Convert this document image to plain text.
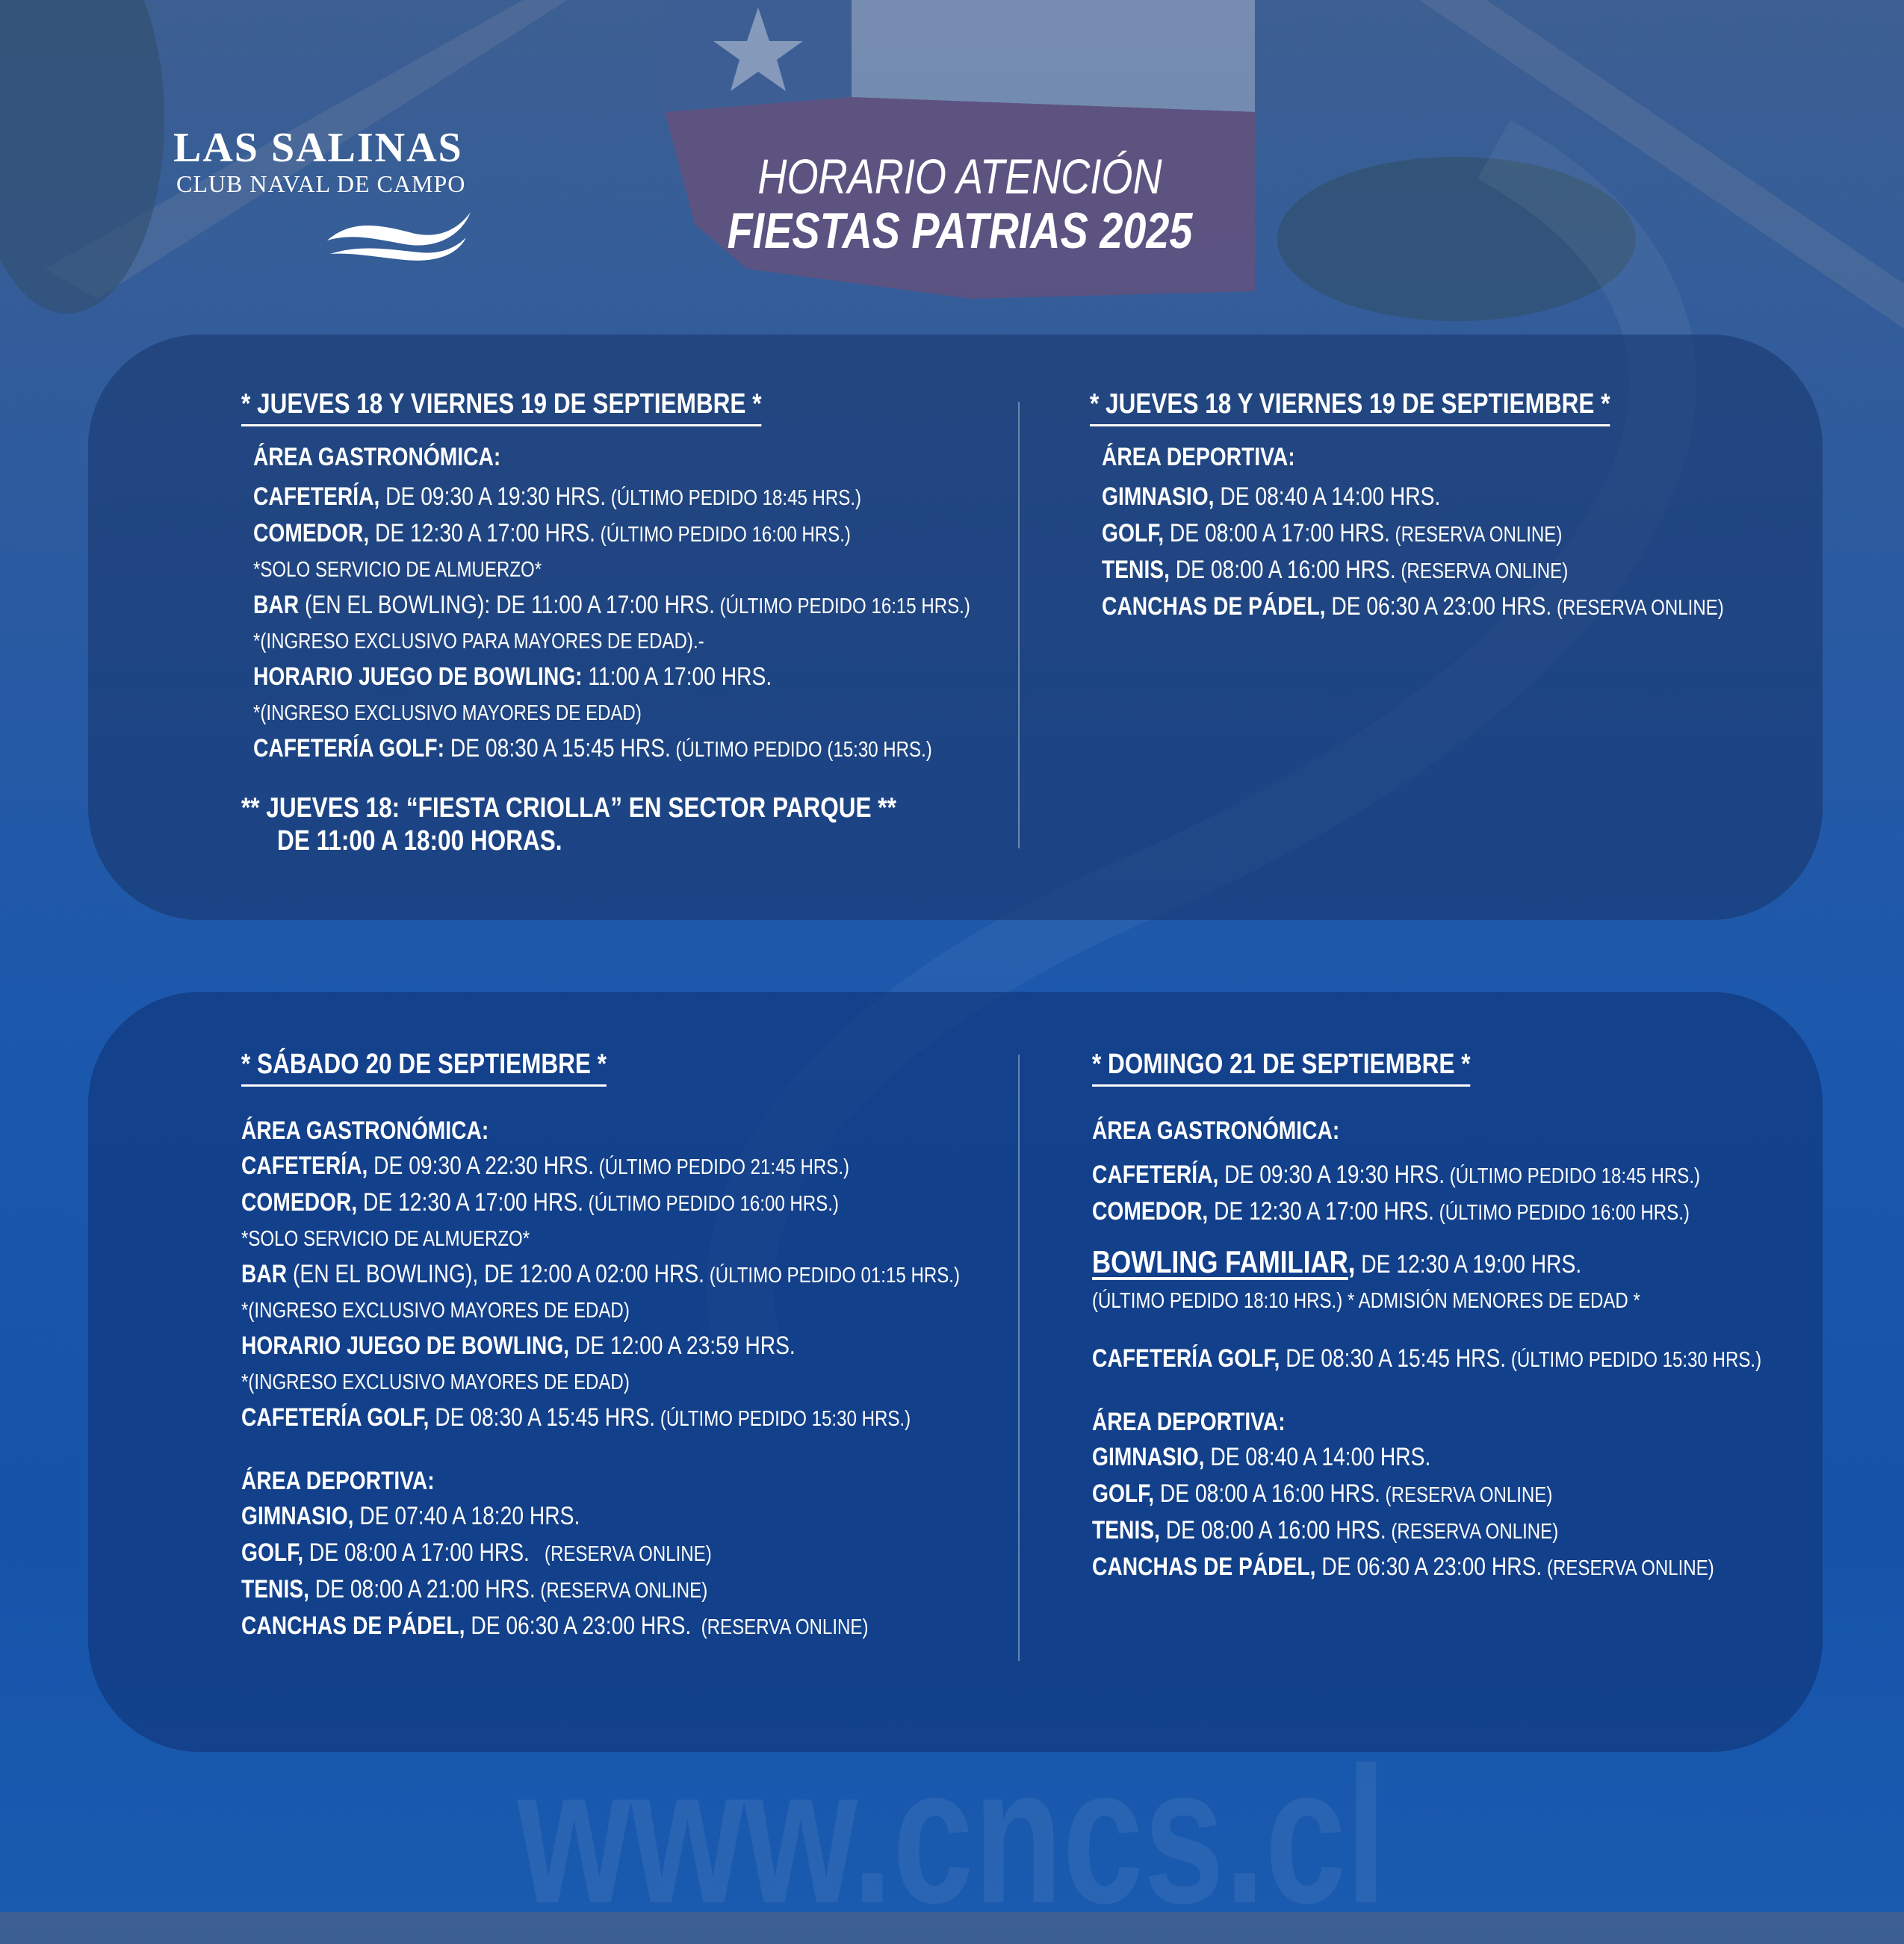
LAS SALINAS
CLUB NAVAL DE CAMPO	HORARIO ATENCIÓN
FIESTAS PATRIAS 2025
* JUEVES 18 Y VIERNES 19 DE SEPTIEMBRE *
ÁREA GASTRONÓMICA:
CAFETERÍA, DE 09:30 A 19:30 HRS. (ÚLTIMO PEDIDO 18:45 HRS.)
COMEDOR, DE 12:30 A 17:00 HRS. (ÚLTIMO PEDIDO 16:00 HRS.)
*SOLO SERVICIO DE ALMUERZO*
BAR (EN EL BOWLING): DE 11:00 A 17:00 HRS. (ÚLTIMO PEDIDO 16:15 HRS.)
*(INGRESO EXCLUSIVO PARA MAYORES DE EDAD).-
HORARIO JUEGO DE BOWLING: 11:00 A 17:00 HRS.
*(INGRESO EXCLUSIVO MAYORES DE EDAD)
CAFETERÍA GOLF: DE 08:30 A 15:45 HRS. (ÚLTIMO PEDIDO (15:30 HRS.)
** JUEVES 18: “FIESTA CRIOLLA” EN SECTOR PARQUE **
DE 11:00 A 18:00 HORAS.
* JUEVES 18 Y VIERNES 19 DE SEPTIEMBRE *
ÁREA DEPORTIVA:
GIMNASIO, DE 08:40 A 14:00 HRS.
GOLF, DE 08:00 A 17:00 HRS. (RESERVA ONLINE)
TENIS, DE 08:00 A 16:00 HRS. (RESERVA ONLINE)
CANCHAS DE PÁDEL, DE 06:30 A 23:00 HRS. (RESERVA ONLINE)
* SÁBADO 20 DE SEPTIEMBRE *
ÁREA GASTRONÓMICA:
CAFETERÍA, DE 09:30 A 22:30 HRS. (ÚLTIMO PEDIDO 21:45 HRS.)
COMEDOR, DE 12:30 A 17:00 HRS. (ÚLTIMO PEDIDO 16:00 HRS.)
*SOLO SERVICIO DE ALMUERZO*
BAR (EN EL BOWLING), DE 12:00 A 02:00 HRS. (ÚLTIMO PEDIDO 01:15 HRS.)
*(INGRESO EXCLUSIVO MAYORES DE EDAD)
HORARIO JUEGO DE BOWLING, DE 12:00 A 23:59 HRS.
*(INGRESO EXCLUSIVO MAYORES DE EDAD)
CAFETERÍA GOLF, DE 08:30 A 15:45 HRS. (ÚLTIMO PEDIDO 15:30 HRS.)
ÁREA DEPORTIVA:
GIMNASIO, DE 07:40 A 18:20 HRS.
GOLF, DE 08:00 A 17:00 HRS.   (RESERVA ONLINE)
TENIS, DE 08:00 A 21:00 HRS. (RESERVA ONLINE)
CANCHAS DE PÁDEL, DE 06:30 A 23:00 HRS.  (RESERVA ONLINE)
* DOMINGO 21 DE SEPTIEMBRE *
ÁREA GASTRONÓMICA:
CAFETERÍA, DE 09:30 A 19:30 HRS. (ÚLTIMO PEDIDO 18:45 HRS.)
COMEDOR, DE 12:30 A 17:00 HRS. (ÚLTIMO PEDIDO 16:00 HRS.)
BOWLING FAMILIAR, DE 12:30 A 19:00 HRS.
(ÚLTIMO PEDIDO 18:10 HRS.) * ADMISIÓN MENORES DE EDAD *
CAFETERÍA GOLF, DE 08:30 A 15:45 HRS. (ÚLTIMO PEDIDO 15:30 HRS.)
ÁREA DEPORTIVA:
GIMNASIO, DE 08:40 A 14:00 HRS.
GOLF, DE 08:00 A 16:00 HRS. (RESERVA ONLINE)
TENIS, DE 08:00 A 16:00 HRS. (RESERVA ONLINE)
CANCHAS DE PÁDEL, DE 06:30 A 23:00 HRS. (RESERVA ONLINE)
www.cncs.cl
